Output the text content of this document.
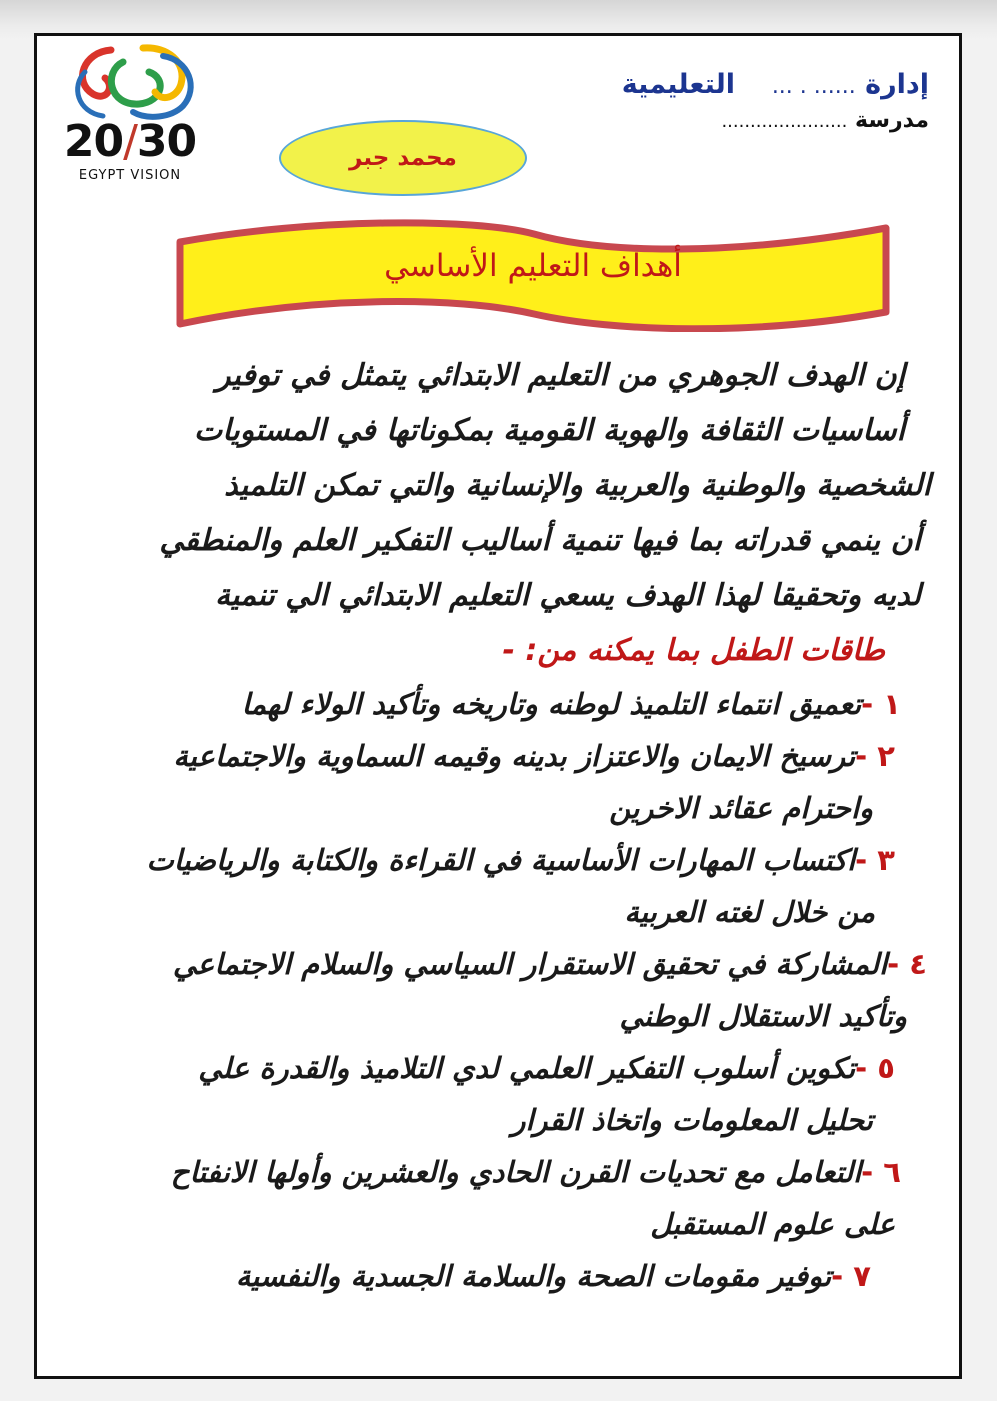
إدارة ...... . ...  التعليمية
مدرسة ......................
20/30
EGYPT VISION
محمد جبر
أهداف التعليم الأساسي
إن الهدف الجوهري من التعليم الابتدائي يتمثل في توفير
أساسيات الثقافة والهوية القومية بمكوناتها في المستويات
الشخصية والوطنية والعربية والإنسانية والتي تمكن التلميذ
أن ينمي قدراته بما فيها تنمية أساليب التفكير العلم والمنطقي
لديه وتحقيقا لهذا الهدف يسعي التعليم الابتدائي الي تنمية
طاقات الطفل بما يمكنه من: -
١ -تعميق انتماء التلميذ لوطنه وتاريخه وتأكيد الولاء لهما
٢ -ترسيخ الايمان والاعتزاز بدينه وقيمه السماوية والاجتماعية
واحترام عقائد الاخرين
٣ -اكتساب المهارات الأساسية في القراءة والكتابة والرياضيات
من خلال لغته العربية
٤ -المشاركة في تحقيق الاستقرار السياسي والسلام الاجتماعي
وتأكيد الاستقلال الوطني
٥ -تكوين أسلوب التفكير العلمي لدي التلاميذ والقدرة علي
تحليل المعلومات واتخاذ القرار
٦ -التعامل مع تحديات القرن الحادي والعشرين وأولها الانفتاح
على علوم المستقبل
٧ -توفير مقومات الصحة والسلامة الجسدية والنفسية
